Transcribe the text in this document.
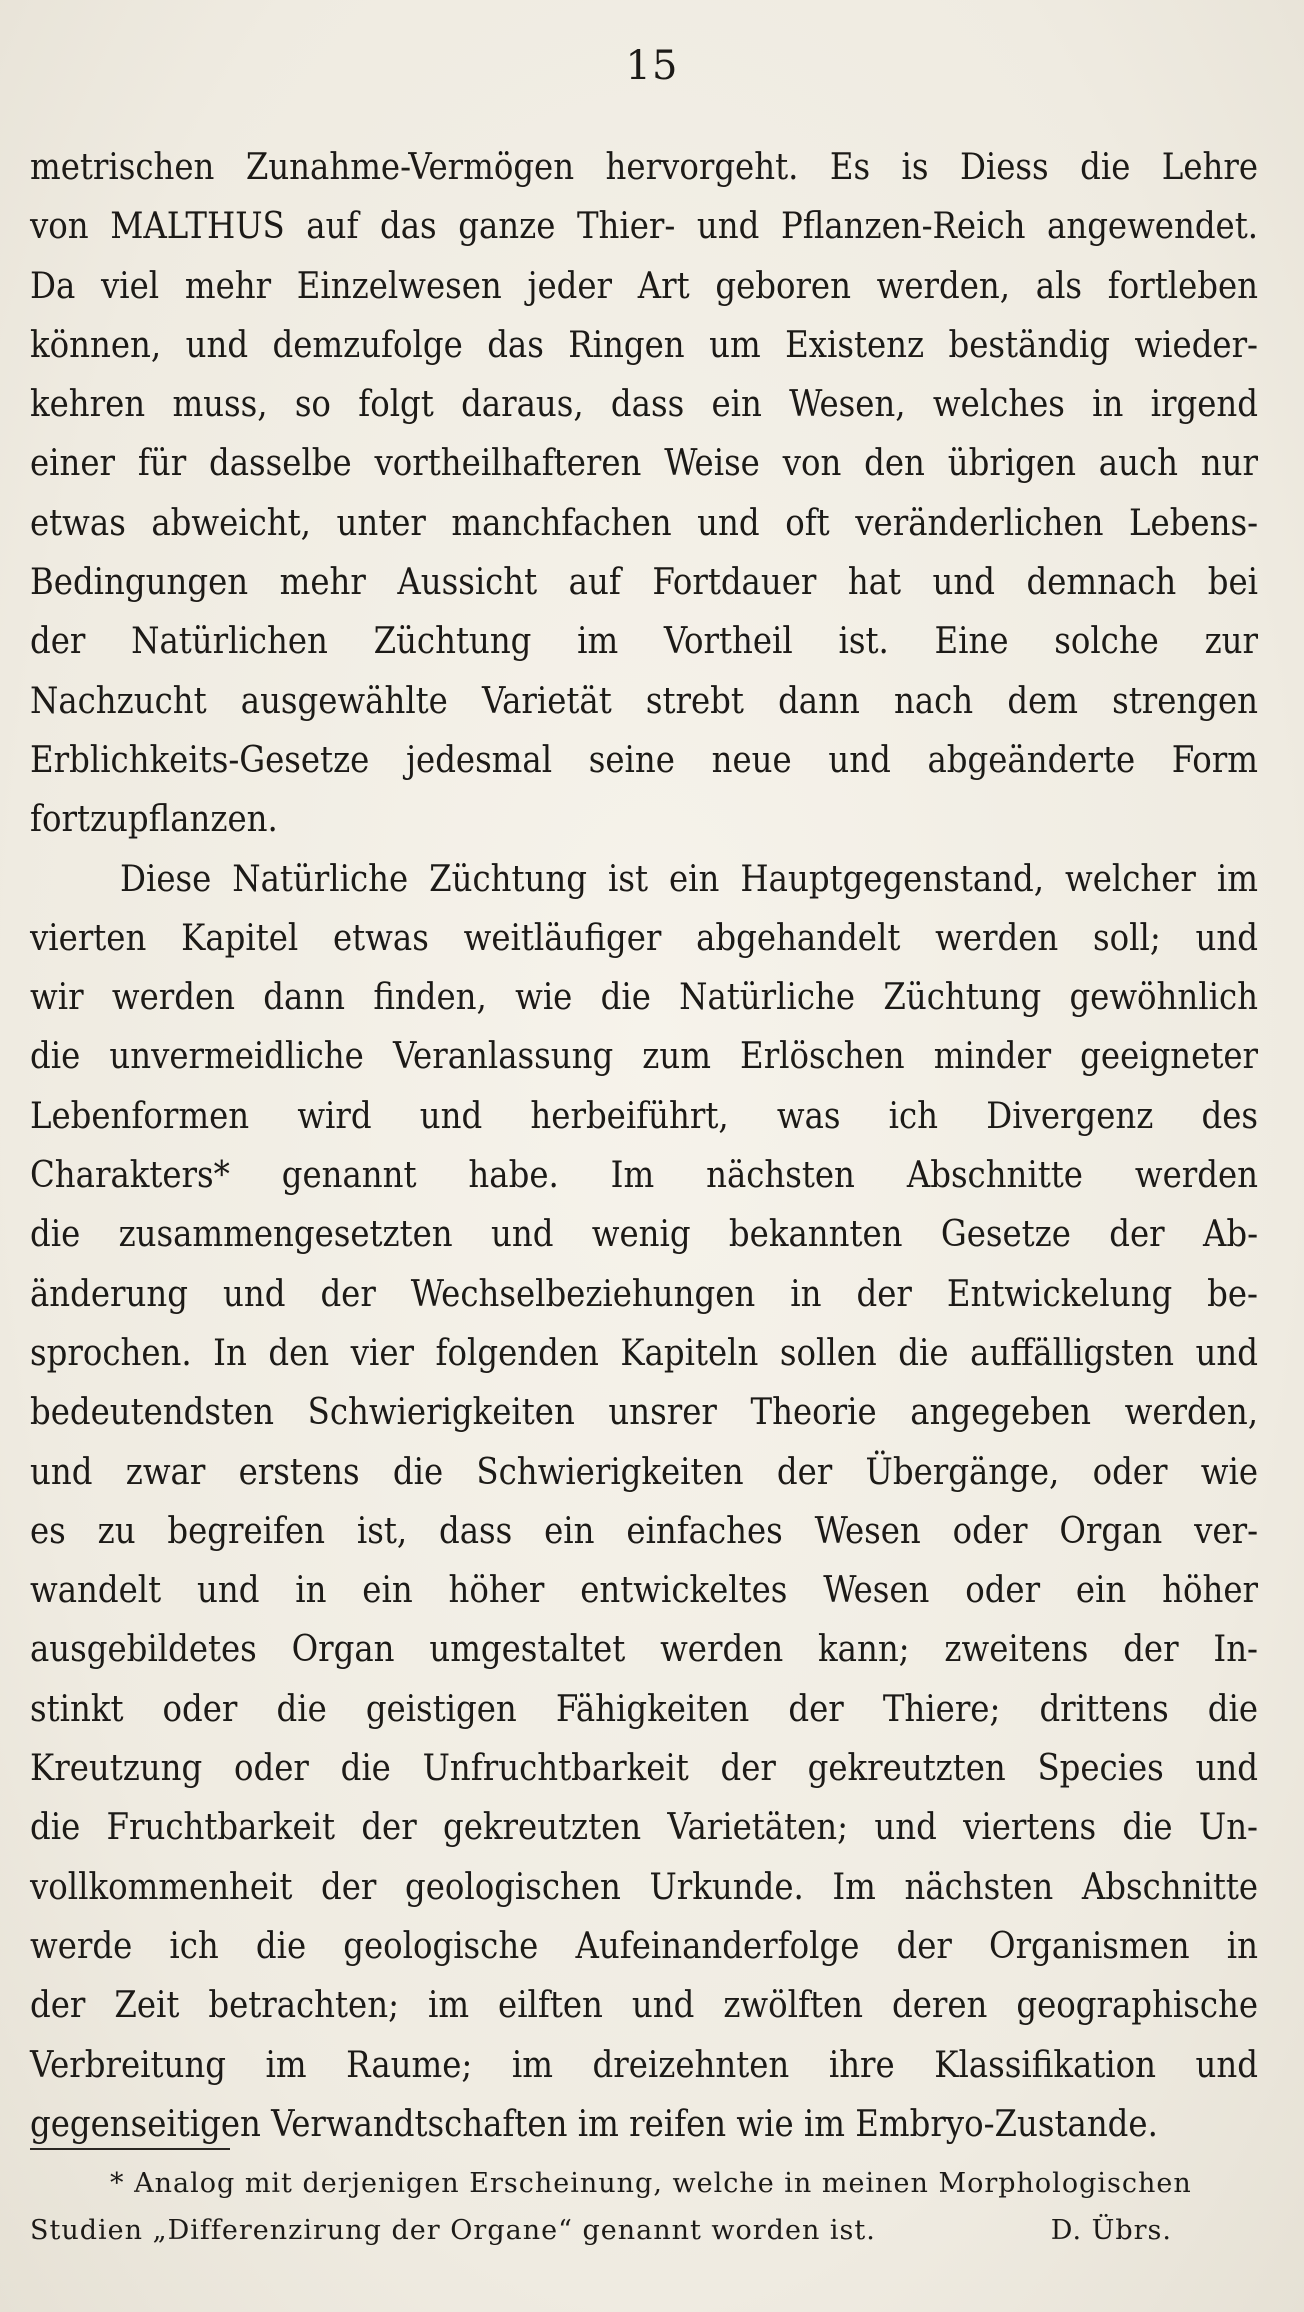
15
metrischen Zunahme-Vermögen hervorgeht. Es is Diess die Lehre
von MALTHUS auf das ganze Thier- und Pflanzen-Reich angewendet.
Da viel mehr Einzelwesen jeder Art geboren werden, als fortleben
können, und demzufolge das Ringen um Existenz beständig wieder-
kehren muss, so folgt daraus, dass ein Wesen, welches in irgend
einer für dasselbe vortheilhafteren Weise von den übrigen auch nur
etwas abweicht, unter manchfachen und oft veränderlichen Lebens-
Bedingungen mehr Aussicht auf Fortdauer hat und demnach bei
der Natürlichen Züchtung im Vortheil ist. Eine solche zur
Nachzucht ausgewählte Varietät strebt dann nach dem strengen
Erblichkeits-Gesetze jedesmal seine neue und abgeänderte Form
fortzupflanzen.
Diese Natürliche Züchtung ist ein Hauptgegenstand, welcher im
vierten Kapitel etwas weitläufiger abgehandelt werden soll; und
wir werden dann finden, wie die Natürliche Züchtung gewöhnlich
die unvermeidliche Veranlassung zum Erlöschen minder geeigneter
Lebenformen wird und herbeiführt, was ich Divergenz des
Charakters* genannt habe. Im nächsten Abschnitte werden
die zusammengesetzten und wenig bekannten Gesetze der Ab-
änderung und der Wechselbeziehungen in der Entwickelung be-
sprochen. In den vier folgenden Kapiteln sollen die auffälligsten und
bedeutendsten Schwierigkeiten unsrer Theorie angegeben werden,
und zwar erstens die Schwierigkeiten der Übergänge, oder wie
es zu begreifen ist, dass ein einfaches Wesen oder Organ ver-
wandelt und in ein höher entwickeltes Wesen oder ein höher
ausgebildetes Organ umgestaltet werden kann; zweitens der In-
stinkt oder die geistigen Fähigkeiten der Thiere; drittens die
Kreutzung oder die Unfruchtbarkeit der gekreutzten Species und
die Fruchtbarkeit der gekreutzten Varietäten; und viertens die Un-
vollkommenheit der geologischen Urkunde. Im nächsten Abschnitte
werde ich die geologische Aufeinanderfolge der Organismen in
der Zeit betrachten; im eilften und zwölften deren geographische
Verbreitung im Raume; im dreizehnten ihre Klassifikation und
gegenseitigen Verwandtschaften im reifen wie im Embryo-Zustande.
* Analog mit derjenigen Erscheinung, welche in meinen Morphologischen
Studien „Differenzirung der Organe“ genannt worden ist.	D. Übrs.
